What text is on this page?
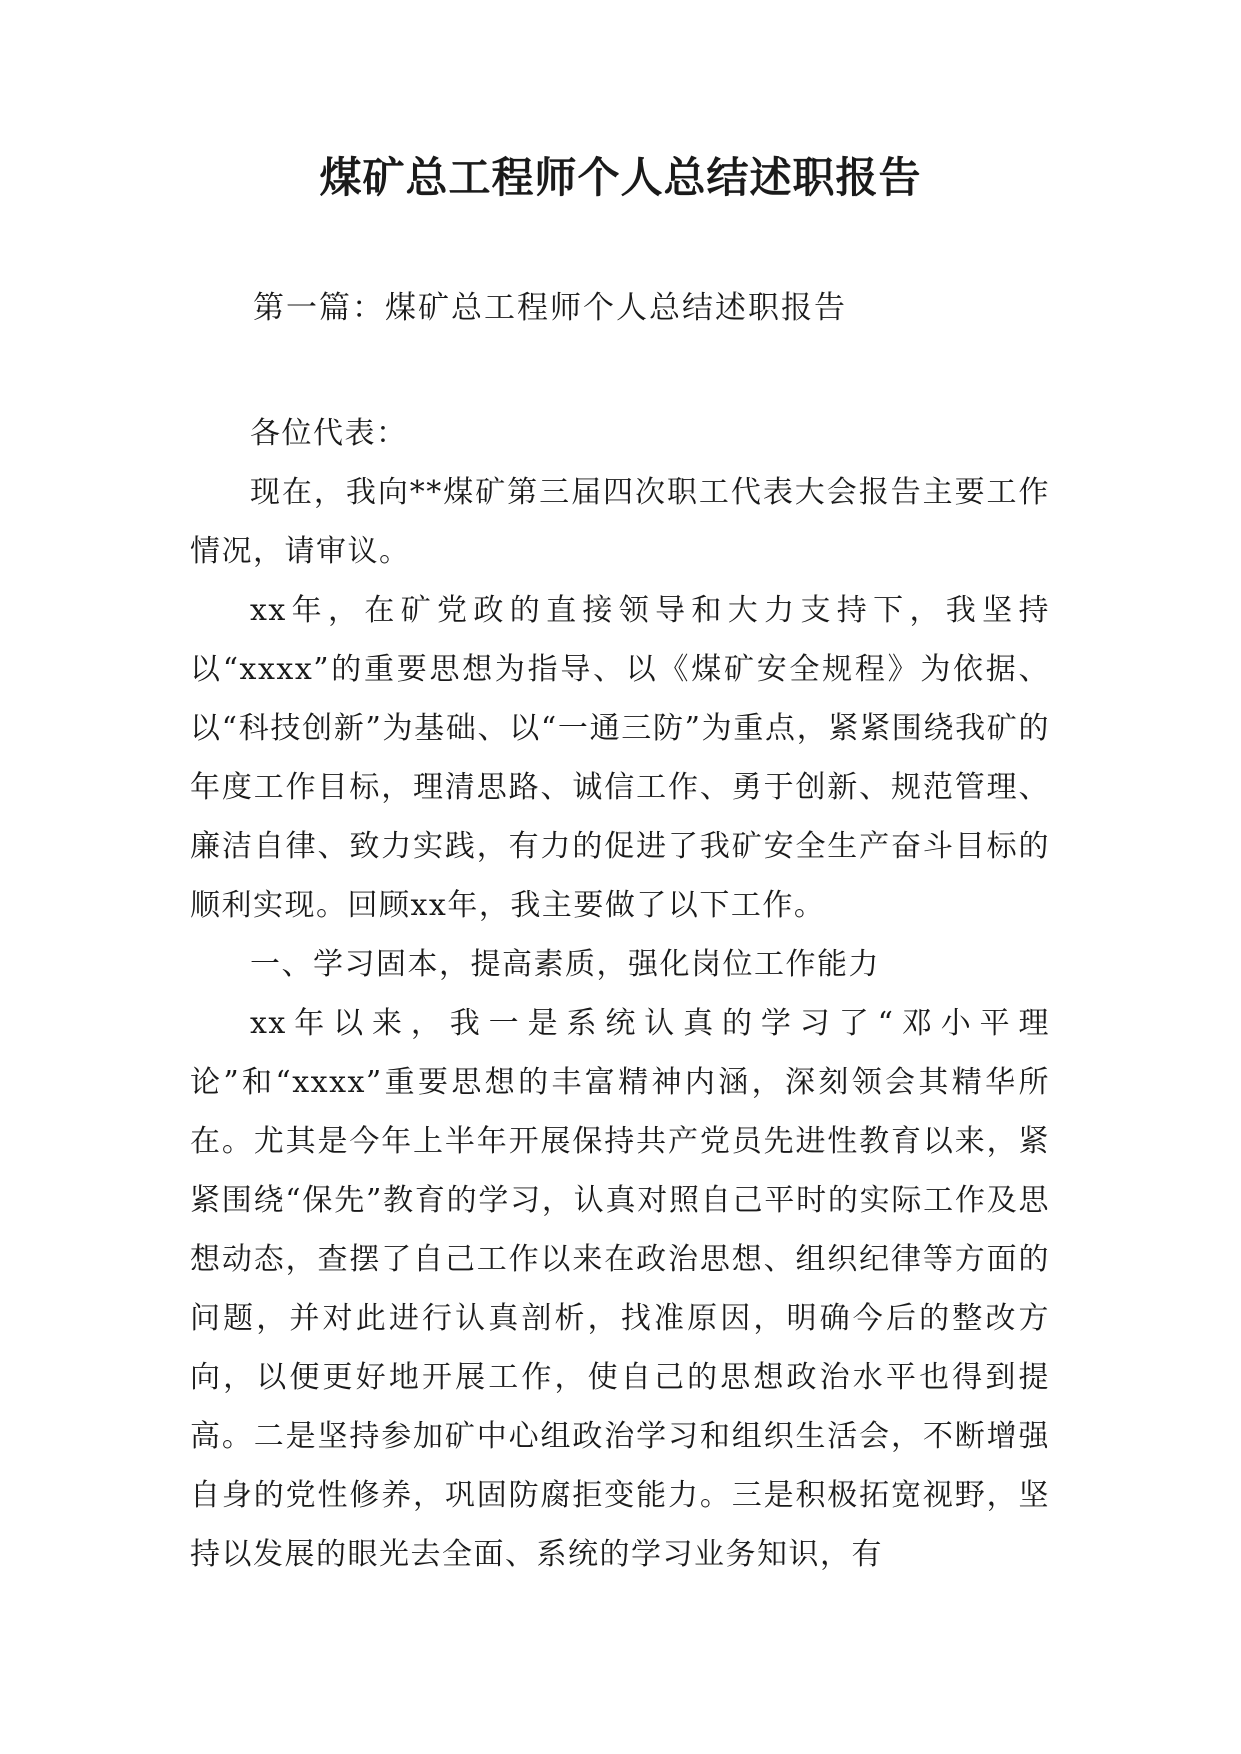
煤矿总工程师个人总结述职报告
第一篇：煤矿总工程师个人总结述职报告

各位代表：

现在，我向**煤矿第三届四次职工代表大会报告主要工作情况，请审议。

xx年，在矿党政的直接领导和大力支持下，我坚持以“xxxx”的重要思想为指导、以《煤矿安全规程》为依据、以“科技创新”为基础、以“一通三防”为重点，紧紧围绕我矿的年度工作目标，理清思路、诚信工作、勇于创新、规范管理、廉洁自律、致力实践，有力的促进了我矿安全生产奋斗目标的顺利实现。回顾xx年，我主要做了以下工作。

一、学习固本，提高素质，强化岗位工作能力

xx年以来，我一是系统认真的学习了“邓小平理论”和“xxxx”重要思想的丰富精神内涵，深刻领会其精华所在。尤其是今年上半年开展保持共产党员先进性教育以来，紧紧围绕“保先”教育的学习，认真对照自己平时的实际工作及思想动态，查摆了自己工作以来在政治思想、组织纪律等方面的问题，并对此进行认真剖析，找准原因，明确今后的整改方向，以便更好地开展工作，使自己的思想政治水平也得到提高。二是坚持参加矿中心组政治学习和组织生活会，不断增强自身的党性修养，巩固防腐拒变能力。三是积极拓宽视野，坚持以发展的眼光去全面、系统的学习业务知识，有
